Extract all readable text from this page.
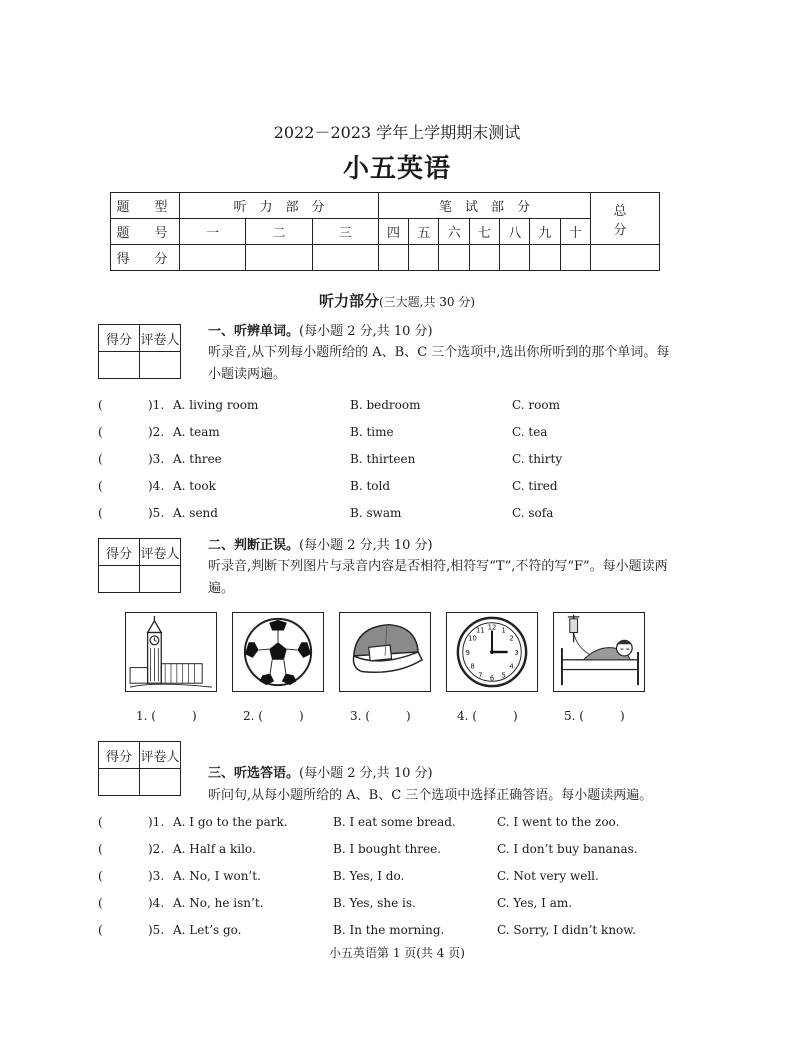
2022－2023 学年上学期期末测试
小五英语
题　型	听　力　部　分			笔　试　部　分							总　分
题　号	一	二	三	四	五	六	七	八	九	十	
得　分											
听力部分(三大题,共 30 分)
得分	评卷人

一、听辨单词。(每小题 2 分,共 10 分)
听录音,从下列每小题所给的 A、B、C 三个选项中,选出你所听到的那个单词。每小题读两遍。
(	)1. A. living room	B. bedroom	C. room
(	)2. A. team	B. time	C. tea
(	)3. A. three	B. thirteen	C. thirty
(	)4. A. took	B. told	C. tired
(	)5. A. send	B. swam	C. sofa
得分	评卷人

二、判断正误。(每小题 2 分,共 10 分)
听录音,判断下列图片与录音内容是否相符,相符写“T”,不符的写“F”。每小题读两遍。
12 1
2
3
4
5
6
7
8
9
10
11
1. (　　　)	2. (　　　)	3. (　　　)	4. (　　　)	5. (　　　)
得分	评卷人

三、听选答语。(每小题 2 分,共 10 分)
听问句,从每小题所给的 A、B、C 三个选项中选择正确答语。每小题读两遍。
(	)1. A. I go to the park.	B. I eat some bread.	C. I went to the zoo.
(	)2. A. Half a kilo.	B. I bought three.	C. I don’t buy bananas.
(	)3. A. No, I won’t.	B. Yes, I do.	C. Not very well.
(	)4. A. No, he isn’t.	B. Yes, she is.	C. Yes, I am.
(	)5. A. Let’s go.	B. In the morning.	C. Sorry, I didn’t know.
小五英语第 1 页(共 4 页)
